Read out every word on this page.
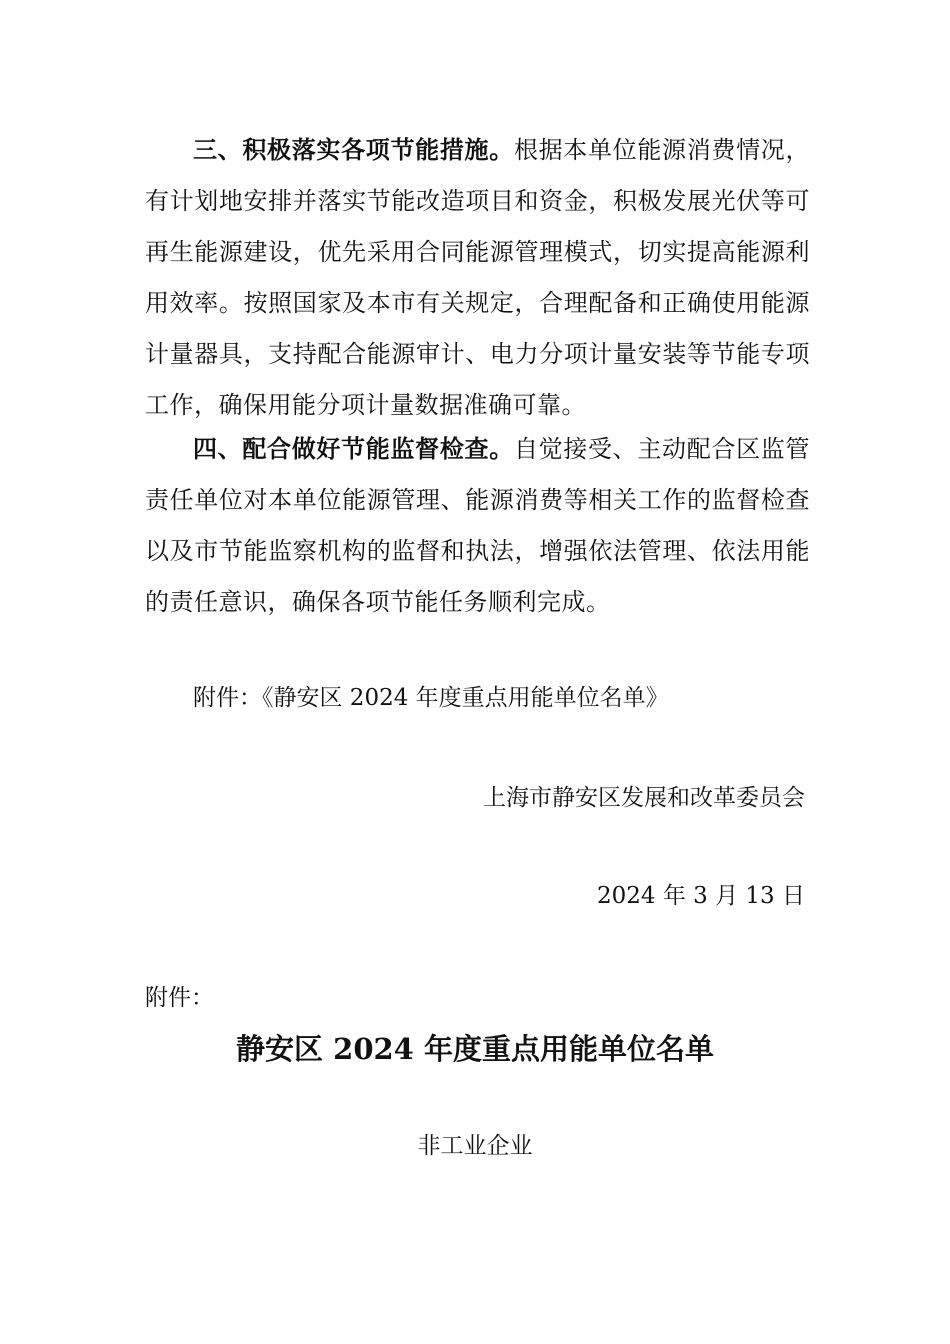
三、积极落实各项节能措施。根据本单位能源消费情况，有计划地安排并落实节能改造项目和资金，积极发展光伏等可再生能源建设，优先采用合同能源管理模式，切实提高能源利用效率。按照国家及本市有关规定，合理配备和正确使用能源计量器具，支持配合能源审计、电力分项计量安装等节能专项工作，确保用能分项计量数据准确可靠。

四、配合做好节能监督检查。自觉接受、主动配合区监管责任单位对本单位能源管理、能源消费等相关工作的监督检查以及市节能监察机构的监督和执法，增强依法管理、依法用能的责任意识，确保各项节能任务顺利完成。

附件：《静安区 2024 年度重点用能单位名单》

上海市静安区发展和改革委员会

2024 年 3 月 13 日

附件：

静安区 2024 年度重点用能单位名单

非工业企业
